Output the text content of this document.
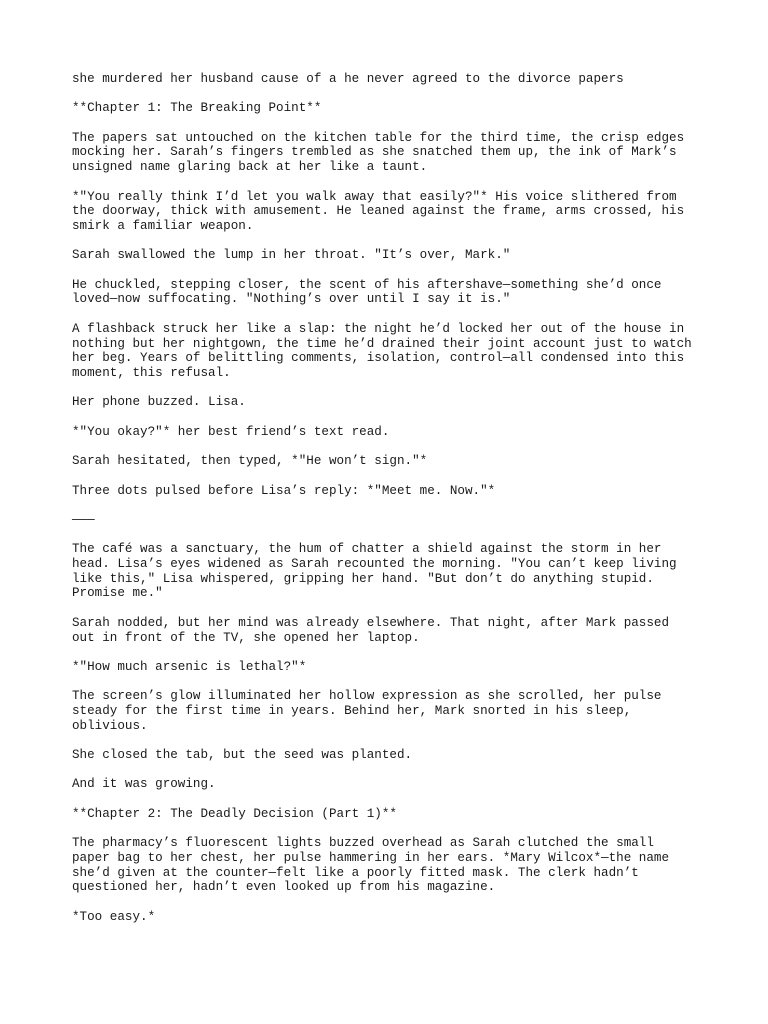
she murdered her husband cause of a he never agreed to the divorce papers

**Chapter 1: The Breaking Point**

The papers sat untouched on the kitchen table for the third time, the crisp edges mocking her. Sarah’s fingers trembled as she snatched them up, the ink of Mark’s unsigned name glaring back at her like a taunt.

*"You really think I’d let you walk away that easily?"* His voice slithered from the doorway, thick with amusement. He leaned against the frame, arms crossed, his smirk a familiar weapon.

Sarah swallowed the lump in her throat. "It’s over, Mark."

He chuckled, stepping closer, the scent of his aftershave—something she’d once loved—now suffocating. "Nothing’s over until I say it is."

A flashback struck her like a slap: the night he’d locked her out of the house in nothing but her nightgown, the time he’d drained their joint account just to watch her beg. Years of belittling comments, isolation, control—all condensed into this moment, this refusal.

Her phone buzzed. Lisa.

*"You okay?"* her best friend’s text read.

Sarah hesitated, then typed, *"He won’t sign."*

Three dots pulsed before Lisa’s reply: *"Meet me. Now."*

———

The café was a sanctuary, the hum of chatter a shield against the storm in her head. Lisa’s eyes widened as Sarah recounted the morning. "You can’t keep living like this," Lisa whispered, gripping her hand. "But don’t do anything stupid. Promise me."

Sarah nodded, but her mind was already elsewhere. That night, after Mark passed out in front of the TV, she opened her laptop.

*"How much arsenic is lethal?"*

The screen’s glow illuminated her hollow expression as she scrolled, her pulse steady for the first time in years. Behind her, Mark snorted in his sleep, oblivious.

She closed the tab, but the seed was planted.

And it was growing.

**Chapter 2: The Deadly Decision (Part 1)**

The pharmacy’s fluorescent lights buzzed overhead as Sarah clutched the small paper bag to her chest, her pulse hammering in her ears. *Mary Wilcox*—the name she’d given at the counter—felt like a poorly fitted mask. The clerk hadn’t questioned her, hadn’t even looked up from his magazine.

*Too easy.*
